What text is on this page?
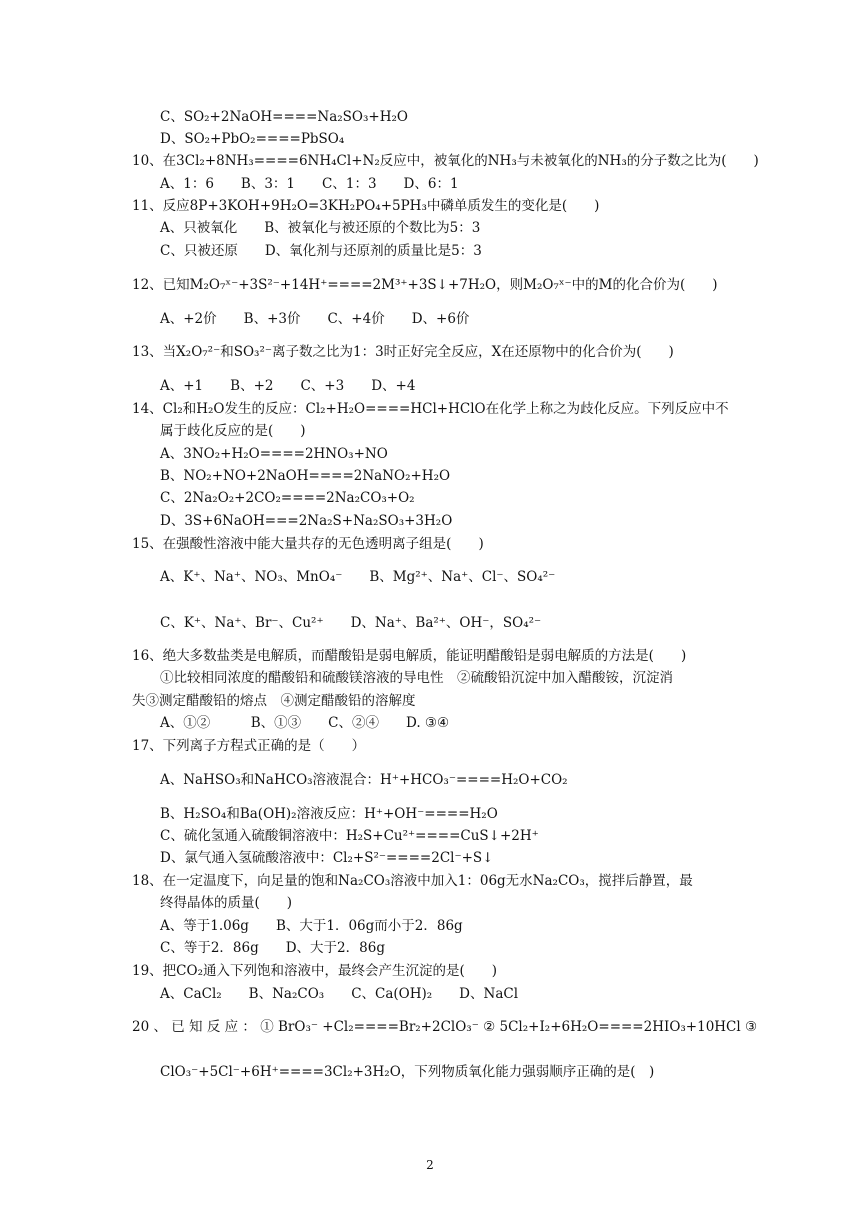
C、SO₂+2NaOH====Na₂SO₃+H₂O
D、SO₂+PbO₂====PbSO₄
10、在3Cl₂+8NH₃====6NH₄Cl+N₂反应中，被氧化的NH₃与未被氧化的NH₃的分子数之比为(　　)
A、1：6　　B、3：1　　C、1：3　　D、6：1
11、反应8P+3KOH+9H₂O=3KH₂PO₄+5PH₃中磷单质发生的变化是(　　)
A、只被氧化　　B、被氧化与被还原的个数比为5：3
C、只被还原　　D、氧化剂与还原剂的质量比是5：3
12、已知M₂O₇ˣ⁻+3S²⁻+14H⁺====2M³⁺+3S↓+7H₂O，则M₂O₇ˣ⁻中的M的化合价为(　　)
A、+2价　　B、+3价　　C、+4价　　D、+6价
13、当X₂O₇²⁻和SO₃²⁻离子数之比为1：3时正好完全反应，X在还原物中的化合价为(　　)
A、+1　　B、+2　　C、+3　　D、+4
14、Cl₂和H₂O发生的反应：Cl₂+H₂O====HCl+HClO在化学上称之为歧化反应。下列反应中不
属于歧化反应的是(　　)
A、3NO₂+H₂O====2HNO₃+NO
B、NO₂+NO+2NaOH====2NaNO₂+H₂O
C、2Na₂O₂+2CO₂====2Na₂CO₃+O₂
D、3S+6NaOH===2Na₂S+Na₂SO₃+3H₂O
15、在强酸性溶液中能大量共存的无色透明离子组是(　　)
A、K⁺、Na⁺、NO₃、MnO₄⁻　　B、Mg²⁺、Na⁺、Cl⁻、SO₄²⁻
C、K⁺、Na⁺、Br⁻、Cu²⁺　　D、Na⁺、Ba²⁺、OH⁻，SO₄²⁻
16、绝大多数盐类是电解质，而醋酸铅是弱电解质，能证明醋酸铅是弱电解质的方法是(　　)
①比较相同浓度的醋酸铅和硫酸镁溶液的导电性　②硫酸铅沉淀中加入醋酸铵，沉淀消
失③测定醋酸铅的熔点　④测定醋酸铅的溶解度
A、①②　　　B、①③　　C、②④　　D. ③④
17、下列离子方程式正确的是（　　）
A、NaHSO₃和NaHCO₃溶液混合：H⁺+HCO₃⁻====H₂O+CO₂
B、H₂SO₄和Ba(OH)₂溶液反应：H⁺+OH⁻====H₂O
C、硫化氢通入硫酸铜溶液中：H₂S+Cu²⁺====CuS↓+2H⁺
D、氯气通入氢硫酸溶液中：Cl₂+S²⁻====2Cl⁻+S↓
18、在一定温度下，向足量的饱和Na₂CO₃溶液中加入1：06g无水Na₂CO₃，搅拌后静置，最
终得晶体的质量(　　)
A、等于1.06g　　B、大于1．06g而小于2．86g
C、等于2．86g　　D、大于2．86g
19、把CO₂通入下列饱和溶液中，最终会产生沉淀的是(　　)
A、CaCl₂　　B、Na₂CO₃　　C、Ca(OH)₂　　D、NaCl
20 、 已 知 反 应 ： ① BrO₃⁻ +Cl₂====Br₂+2ClO₃⁻ ② 5Cl₂+I₂+6H₂O====2HIO₃+10HCl ③
ClO₃⁻+5Cl⁻+6H⁺====3Cl₂+3H₂O，下列物质氧化能力强弱顺序正确的是(　)
2
